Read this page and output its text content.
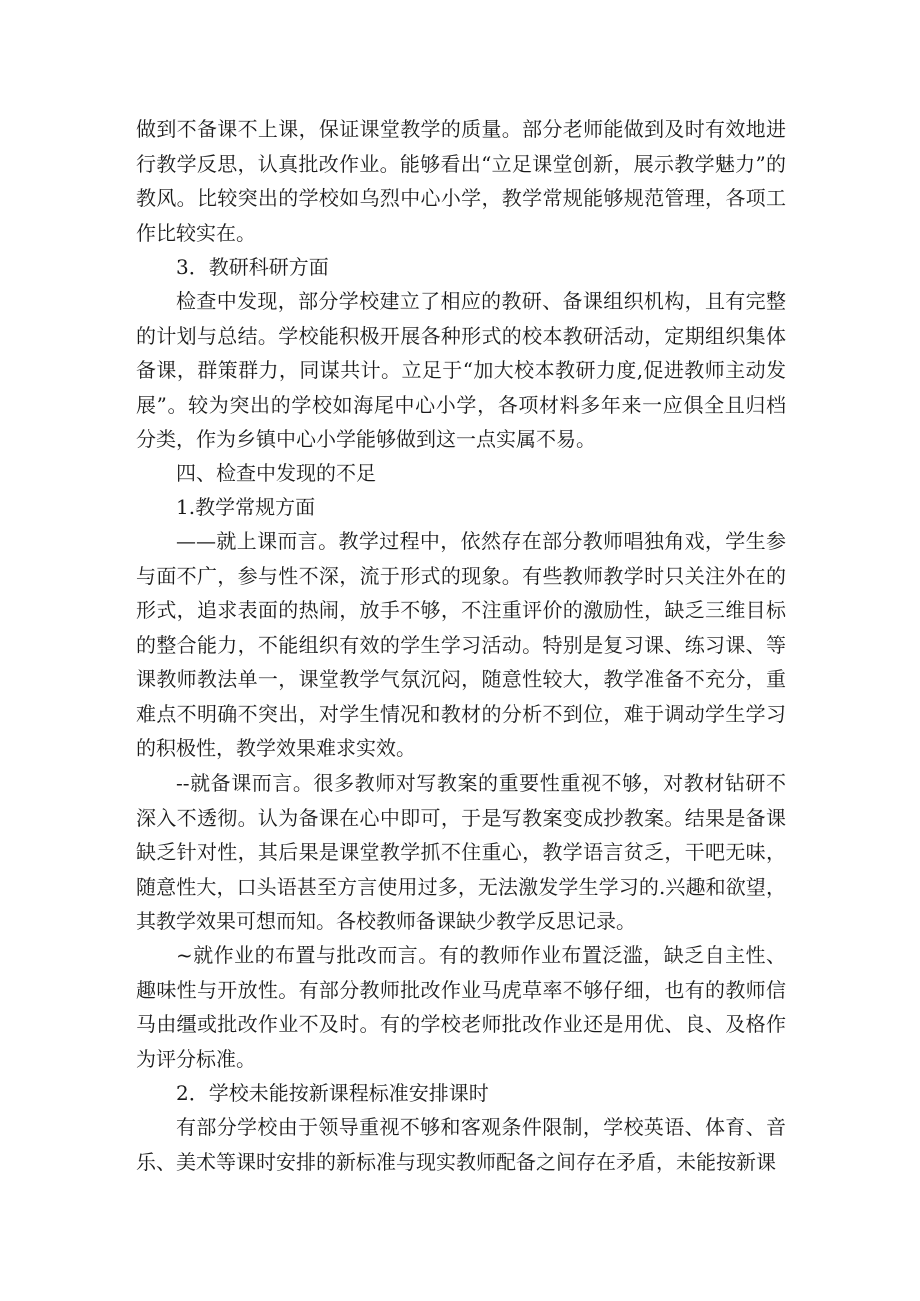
做到不备课不上课，保证课堂教学的质量。部分老师能做到及时有效地进行教学反思，认真批改作业。能够看出“立足课堂创新，展示教学魅力”的教风。比较突出的学校如乌烈中心小学，教学常规能够规范管理，各项工作比较实在。

3．教研科研方面

检查中发现，部分学校建立了相应的教研、备课组织机构，且有完整的计划与总结。学校能积极开展各种形式的校本教研活动，定期组织集体备课，群策群力，同谋共计。立足于“加大校本教研力度,促进教师主动发展”。较为突出的学校如海尾中心小学，各项材料多年来一应俱全且归档分类，作为乡镇中心小学能够做到这一点实属不易。

四、检查中发现的不足

1.教学常规方面

——就上课而言。教学过程中，依然存在部分教师唱独角戏，学生参与面不广，参与性不深，流于形式的现象。有些教师教学时只关注外在的形式，追求表面的热闹，放手不够，不注重评价的激励性，缺乏三维目标的整合能力，不能组织有效的学生学习活动。特别是复习课、练习课、等课教师教法单一，课堂教学气氛沉闷，随意性较大，教学准备不充分，重难点不明确不突出，对学生情况和教材的分析不到位，难于调动学生学习的积极性，教学效果难求实效。

--就备课而言。很多教师对写教案的重要性重视不够，对教材钻研不深入不透彻。认为备课在心中即可，于是写教案变成抄教案。结果是备课缺乏针对性，其后果是课堂教学抓不住重心，教学语言贫乏，干吧无味，随意性大，口头语甚至方言使用过多，无法激发学生学习的.兴趣和欲望，其教学效果可想而知。各校教师备课缺少教学反思记录。

~就作业的布置与批改而言。有的教师作业布置泛滥，缺乏自主性、趣味性与开放性。有部分教师批改作业马虎草率不够仔细，也有的教师信马由缰或批改作业不及时。有的学校老师批改作业还是用优、良、及格作为评分标准。

2．学校未能按新课程标准安排课时

有部分学校由于领导重视不够和客观条件限制，学校英语、体育、音乐、美术等课时安排的新标准与现实教师配备之间存在矛盾，未能按新课
